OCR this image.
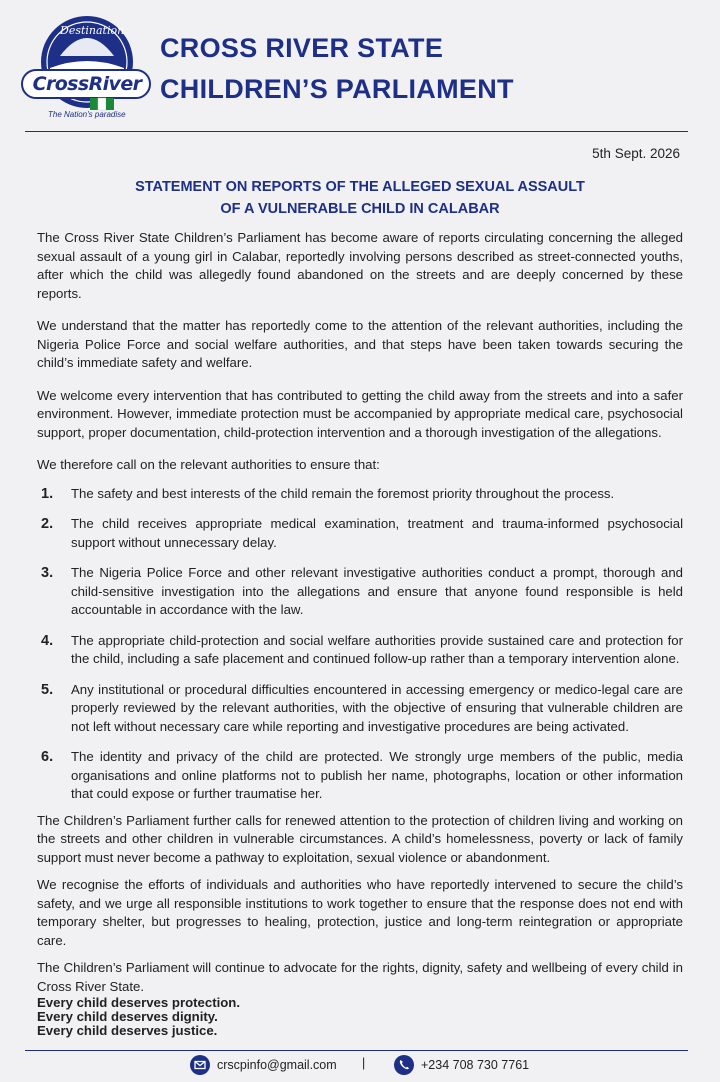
Destination
CrossRiver
The Nation's paradise
CROSS RIVER STATE
CHILDREN’S PARLIAMENT
5th Sept. 2026
STATEMENT ON REPORTS OF THE ALLEGED SEXUAL ASSAULT
OF A VULNERABLE CHILD IN CALABAR

The Cross River State Children’s Parliament has become aware of reports circulating concerning the alleged sexual assault of a young girl in Calabar, reportedly involving persons described as street-connected youths, after which the child was allegedly found abandoned on the streets and are deeply concerned by these reports.

We understand that the matter has reportedly come to the attention of the relevant authorities, including the Nigeria Police Force and social welfare authorities, and that steps have been taken towards securing the child’s immediate safety and welfare.

We welcome every intervention that has contributed to getting the child away from the streets and into a safer environment. However, immediate protection must be accompanied by appropriate medical care, psychosocial support, proper documentation, child-protection intervention and a thorough investigation of the allegations.

We therefore call on the relevant authorities to ensure that:

1. The safety and best interests of the child remain the foremost priority throughout the process.
2. The child receives appropriate medical examination, treatment and trauma-informed psychosocial support without unnecessary delay.
3. The Nigeria Police Force and other relevant investigative authorities conduct a prompt, thorough and child-sensitive investigation into the allegations and ensure that anyone found responsible is held accountable in accordance with the law.
4. The appropriate child-protection and social welfare authorities provide sustained care and protection for the child, including a safe placement and continued follow-up rather than a temporary intervention alone.
5. Any institutional or procedural difficulties encountered in accessing emergency or medico-legal care are properly reviewed by the relevant authorities, with the objective of ensuring that vulnerable children are not left without necessary care while reporting and investigative procedures are being activated.
6. The identity and privacy of the child are protected. We strongly urge members of the public, media organisations and online platforms not to publish her name, photographs, location or other information that could expose or further traumatise her.

The Children’s Parliament further calls for renewed attention to the protection of children living and working on the streets and other children in vulnerable circumstances. A child’s homelessness, poverty or lack of family support must never become a pathway to exploitation, sexual violence or abandonment.

We recognise the efforts of individuals and authorities who have reportedly intervened to secure the child’s safety, and we urge all responsible institutions to work together to ensure that the response does not end with temporary shelter, but progresses to healing, protection, justice and long-term reintegration or appropriate care.

The Children’s Parliament will continue to advocate for the rights, dignity, safety and wellbeing of every child in Cross River State.

Every child deserves protection.
Every child deserves dignity.
Every child deserves justice.
crscpinfo@gmail.com |	+234 708 730 7761
